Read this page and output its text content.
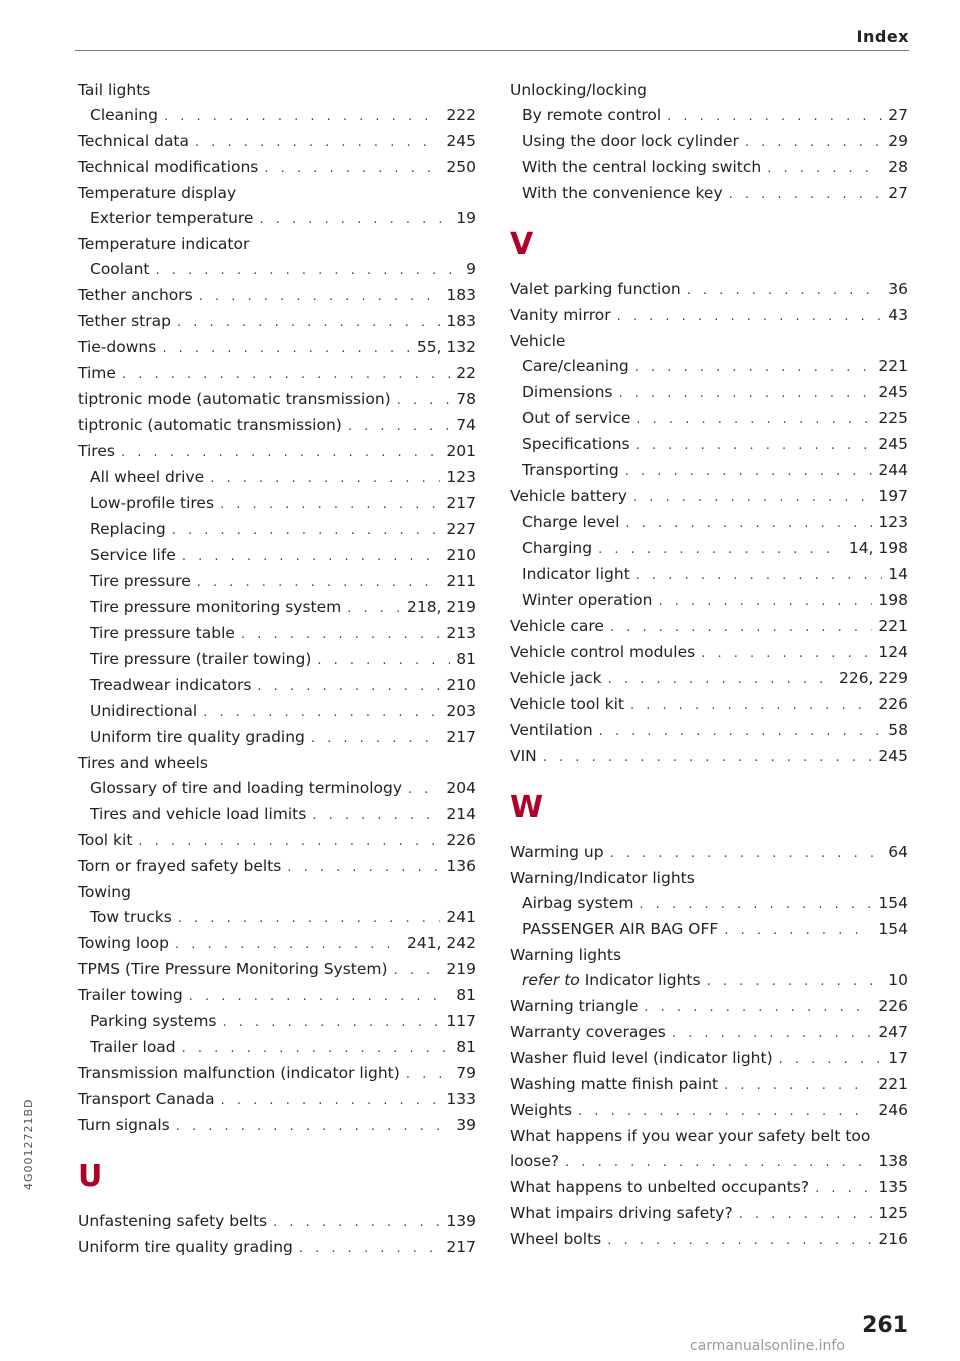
Index
Tail lights
Cleaning . . .	222
Technical data . . .	245
Technical modifications . . .	250
Temperature display
Exterior temperature . . .	19
Temperature indicator
Coolant . . .	9
Tether anchors . . .	183
Tether strap . . .	183
Tie-downs . . .	55, 132
Time . . .	22
tiptronic mode (automatic transmission) . . .	78
tiptronic (automatic transmission) . . .	74
Tires . . .	201
All wheel drive . . .	123
Low-profile tires . . .	217
Replacing . . .	227
Service life . . .	210
Tire pressure . . .	211
Tire pressure monitoring system . . .	218, 219
Tire pressure table . . .	213
Tire pressure (trailer towing) . . .	81
Treadwear indicators . . .	210
Unidirectional . . .	203
Uniform tire quality grading . . .	217
Tires and wheels
Glossary of tire and loading terminology . . .	204
Tires and vehicle load limits . . .	214
Tool kit . . .	226
Torn or frayed safety belts . . .	136
Towing
Tow trucks . . .	241
Towing loop . . .	241, 242
TPMS (Tire Pressure Monitoring System) . . .	219
Trailer towing . . .	81
Parking systems . . .	117
Trailer load . . .	81
Transmission malfunction (indicator light) . . .	79
Transport Canada . . .	133
Turn signals . . .	39
U
Unfastening safety belts . . .	139
Uniform tire quality grading . . .	217
Unlocking/locking
By remote control . . .	27
Using the door lock cylinder . . .	29
With the central locking switch . . .	28
With the convenience key . . .	27
V
Valet parking function . . .	36
Vanity mirror . . .	43
Vehicle
Care/cleaning . . .	221
Dimensions . . .	245
Out of service . . .	225
Specifications . . .	245
Transporting . . .	244
Vehicle battery . . .	197
Charge level . . .	123
Charging . . .	14, 198
Indicator light . . .	14
Winter operation . . .	198
Vehicle care . . .	221
Vehicle control modules . . .	124
Vehicle jack . . .	226, 229
Vehicle tool kit . . .	226
Ventilation . . .	58
VIN . . .	245
W
Warming up . . .	64
Warning/Indicator lights
Airbag system . . .	154
PASSENGER AIR BAG OFF . . .	154
Warning lights
refer to Indicator lights . . .	10
Warning triangle . . .	226
Warranty coverages . . .	247
Washer fluid level (indicator light) . . .	17
Washing matte finish paint . . .	221
Weights . . .	246
What happens if you wear your safety belt too
loose? . . .	138
What happens to unbelted occupants? . . .	135
What impairs driving safety? . . .	125
Wheel bolts . . .	216
4G0012721BD
261
carmanualsonline.info
